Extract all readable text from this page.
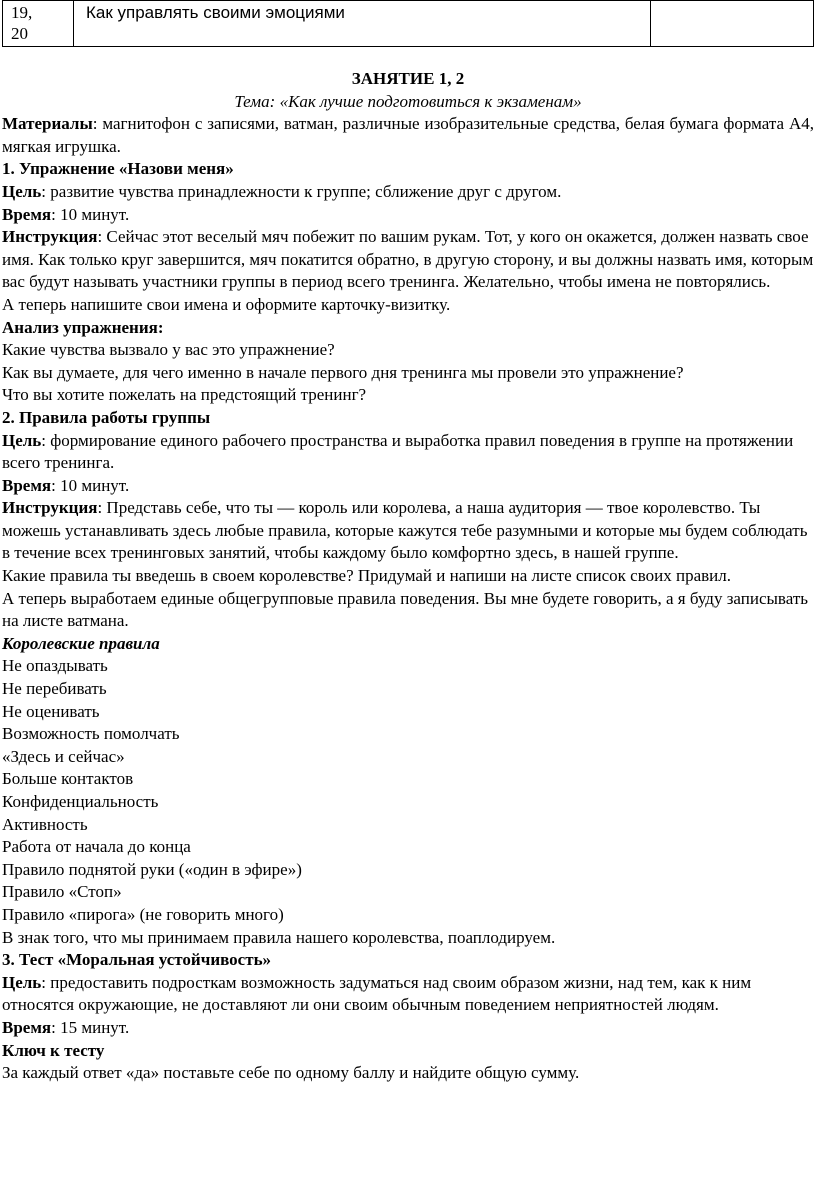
19,
20	Как управлять своими эмоциями	

ЗАНЯТИЕ 1, 2

Тема: «Как лучше подготовиться к экзаменам»

Материалы: магнитофон с записями, ватман, различные изобразительные средства, белая бумага формата А4, мягкая игрушка.

1. Упражнение «Назови меня»

Цель: развитие чувства принадлежности к группе; сближение друг с другом.

Время: 10 минут.

Инструкция: Сейчас этот веселый мяч побежит по вашим рукам. Тот, у кого он окажется, должен назвать свое имя. Как только круг завершится, мяч покатится обратно, в другую сторону, и вы должны назвать имя, которым вас будут называть участники группы в период всего тренинга. Желательно, чтобы имена не повторялись.

А теперь напишите свои имена и оформите карточку-визитку.

Анализ упражнения:

Какие чувства вызвало у вас это упражнение?

Как вы думаете, для чего именно в начале первого дня тренинга мы провели это упражнение?

Что вы хотите пожелать на предстоящий тренинг?

2. Правила работы группы

Цель: формирование единого рабочего пространства и выработка правил поведения в группе на протяжении всего тренинга.

Время: 10 минут.

Инструкция: Представь себе, что ты — король или королева, а наша аудитория — твое королевство. Ты можешь устанавливать здесь любые правила, которые кажутся тебе разумными и которые мы будем соблюдать в течение всех тренинговых занятий, чтобы каждому было комфортно здесь, в нашей группе.

Какие правила ты введешь в своем королевстве? Придумай и напиши на листе список своих правил.

А теперь выработаем единые общегрупповые правила поведения. Вы мне будете говорить, а я буду записывать на листе ватмана.

Королевские правила

Не опаздывать

Не перебивать

Не оценивать

Возможность помолчать

«Здесь и сейчас»

Больше контактов

Конфиденциальность

Активность

Работа от начала до конца

Правило поднятой руки («один в эфире»)

Правило «Стоп»

Правило «пирога» (не говорить много)

В знак того, что мы принимаем правила нашего королевства, поаплодируем.

3. Тест «Моральная устойчивость»

Цель: предоставить подросткам возможность задуматься над своим образом жизни, над тем, как к ним относятся окружающие, не доставляют ли они своим обычным поведением неприятностей людям.

Время: 15 минут.

Ключ к тесту

За каждый ответ «да» поставьте себе по одному баллу и найдите общую сумму.
